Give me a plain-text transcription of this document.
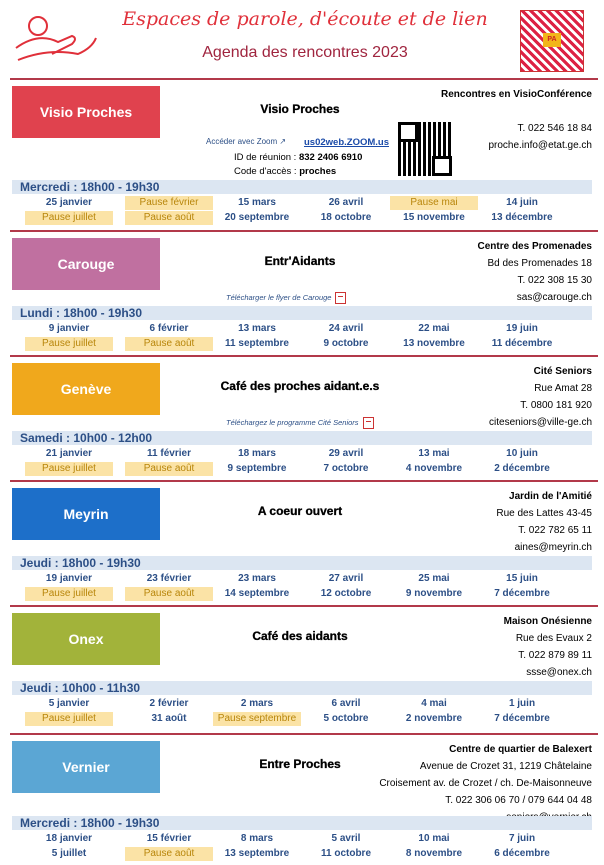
Espaces de parole, d'écoute et de lien
Agenda des rencontres 2023
PA
Visio Proches	Visio Proches
Rencontres en VisioConférence
T. 022 546 18 84
proche.info@etat.ge.ch
Mercredi : 18h00 - 19h30
25 janvier	Pause février	15 mars	26 avril	Pause mai	14 juin
Pause juillet	Pause août	20 septembre	18 octobre	15 novembre	13 décembre
Carouge	Entr'Aidants
Centre des Promenades
Bd des Promenades 18
T. 022 308 15 30
sas@carouge.ch
Télécharger le flyer de Carouge
Lundi : 18h00 - 19h30
9 janvier	6 février	13 mars	24 avril	22 mai	19 juin
Pause juillet	Pause août	11 septembre	9 octobre	13 novembre	11 décembre
Genève	Café des proches aidant.e.s
Cité Seniors
Rue Amat 28
T. 0800 181 920
citeseniors@ville-ge.ch
Téléchargez le programme Cité Seniors
Samedi : 10h00 - 12h00
21 janvier	11 février	18 mars	29 avril	13 mai	10 juin
Pause juillet	Pause août	9 septembre	7 octobre	4 novembre	2 décembre
Meyrin	A coeur ouvert
Jardin de l'Amitié
Rue des Lattes 43-45
T. 022 782 65 11
aines@meyrin.ch
Jeudi : 18h00 - 19h30
19 janvier	23 février	23 mars	27 avril	25 mai	15 juin
Pause juillet	Pause août	14 septembre	12 octobre	9 novembre	7 décembre
Onex	Café des aidants
Maison Onésienne
Rue des Evaux 2
T. 022 879 89 11
ssse@onex.ch
Jeudi : 10h00 - 11h30
5 janvier	2 février	2 mars	6 avril	4 mai	1 juin
Pause juillet	31 août	Pause septembre	5 octobre	2 novembre	7 décembre
Vernier	Entre Proches
Centre de quartier de Balexert
Avenue de Crozet 31, 1219 Châtelaine
Croisement av. de Crozet / ch. De-Maisonneuve
T. 022 306 06 70 / 079 644 04 48
Mercredi : 18h00 - 19h30
18 janvier	15 février	8 mars	5 avril	10 mai	7 juin
5 juillet	Pause août	13 septembre	11 octobre	8 novembre	6 décembre
Accéder avec Zoom ↗ us02web.ZOOM.us
ID de réunion : 832 2406 6910
Code d'accès : proches
